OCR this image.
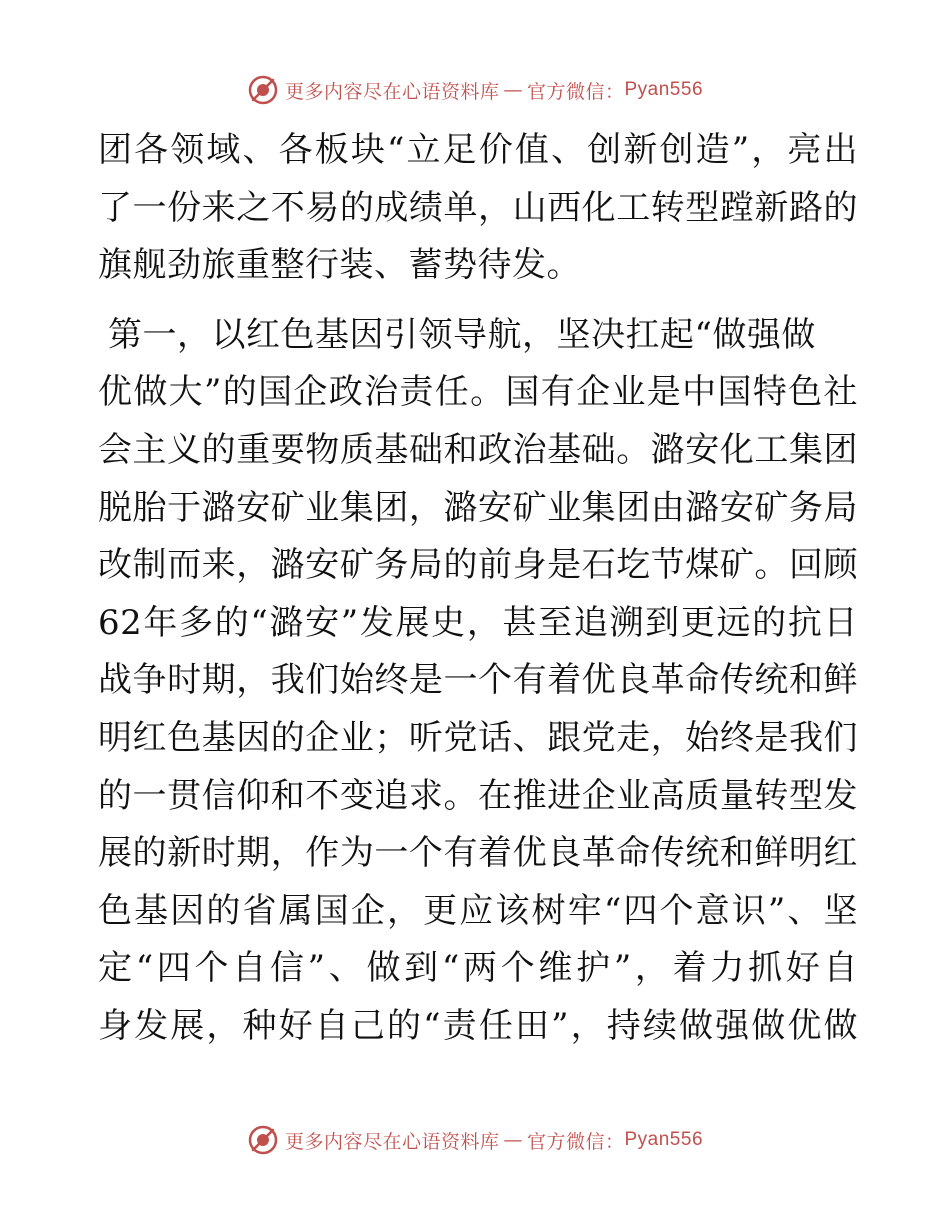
更多内容尽在心语资料库 — 官方微信： Pyan556

团各领域、各板块“立足价值、创新创造”，亮出
了一份来之不易的成绩单，山西化工转型蹚新路的
旗舰劲旅重整行装、蓄势待发。

第一，以红色基因引领导航，坚决扛起“做强做
优做大”的国企政治责任。国有企业是中国特色社
会主义的重要物质基础和政治基础。潞安化工集团
脱胎于潞安矿业集团，潞安矿业集团由潞安矿务局
改制而来，潞安矿务局的前身是石圪节煤矿。回顾
62年多的“潞安”发展史，甚至追溯到更远的抗日
战争时期，我们始终是一个有着优良革命传统和鲜
明红色基因的企业；听党话、跟党走，始终是我们
的一贯信仰和不变追求。在推进企业高质量转型发
展的新时期，作为一个有着优良革命传统和鲜明红
色基因的省属国企，更应该树牢“四个意识”、坚
定“四个自信”、做到“两个维护”，着力抓好自
身发展，种好自己的“责任田”，持续做强做优做

更多内容尽在心语资料库 — 官方微信： Pyan556
